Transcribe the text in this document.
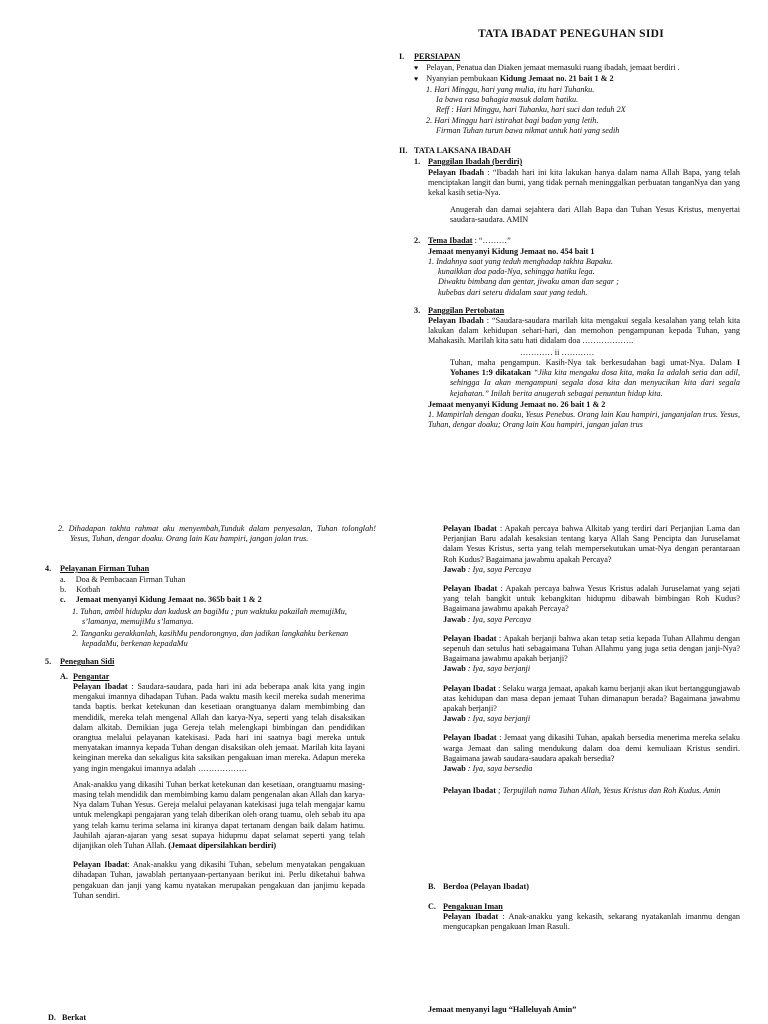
TATA IBADAT PENEGUHAN SIDI
I. PERSIAPAN
♥ Pelayan, Penatua dan Diaken jemaat memasuki ruang ibadah, jemaat berdiri .
♥ Nyanyian pembukaan Kidung Jemaat no. 21 bait 1 & 2

1. Hari Minggu, hari yang mulia, itu hari Tuhanku.

Ia bawa rasa bahagia masuk dalam hatiku.

Reff : Hari Minggu, hari Tuhanku, hari suci dan teduh 2X

2. Hari Minggu hari istirahat bagi badan yang letih.

Firman Tuhan turun bawa nikmat untuk hati yang sedih

II. TATA LAKSANA IBADAH
1. Panggilan Ibadah (berdiri)

Pelayan Ibadah : “Ibadah hari ini kita lakukan hanya dalam nama Allah Bapa, yang telah menciptakan langit dan bumi, yang tidak pernah meninggalkan perbuatan tanganNya dan yang kekal kasih setia-Nya.

Anugerah dan damai sejahtera dari Allah Bapa dan Tuhan Yesus Kristus, menyertai saudara-saudara. AMIN

2. Tema Ibadat : “………”
Jemaat menyanyi Kidung Jemaat no. 454 bait 1

1. Indahnya saat yang teduh menghadap takhta Bapaku.

kunaikkan doa pada-Nya, sehingga hatiku lega.

Diwaktu bimbang dan gentar, jiwaku aman dan segar ;

kubebas dari seteru didalam saat yang teduh.

3. Panggilan Pertobatan

Pelayan Ibadah : “Saudara-saudara marilah kita mengakui segala kesalahan yang telah kita lakukan dalam kehidupan sehari-hari, dan memohon pengampunan kepada Tuhan, yang Mahakasih. Marilah kita satu hati didalam doa ……………….

………… ii …………

Tuhan, maha pengampun. Kasih-Nya tak berkesudahan bagi umat-Nya. Dalam I Yohanes 1:9 dikatakan “Jika kita mengaku dosa kita, maka Ia adalah setia dan adil, sehingga Ia akan mengampuni segala dosa kita dan menyucikan kita dari segala kejahatan.” Inilah berita anugerah sebagai penuntun hidup kita.

Jemaat menyanyi Kidung Jemaat no. 26 bait 1 & 2
1. Mampirlah dengan doaku, Yesus Penebus. Orang lain Kau hampiri, janganjalan trus. Yesus, Tuhan, dengar doaku; Orang lain Kau hampiri, jangan jalan trus
2. Dihadapan takhta rahmat aku menyembah,Tunduk dalam penyesalan, Tuhan tolonglah! Yesus, Tuhan, dengar doaku. Orang lain Kau hampiri, jangan jalan trus.
4. Pelayanan Firman Tuhan

a. Doa & Pembacaan Firman Tuhan

b. Kotbah

c. Jemaat menyanyi Kidung Jemaat no. 365b bait 1 & 2

1. Tuhan, ambil hidupku dan kudusk an bagiMu ; pun waktuku pakailah memujiMu, s’lamanya, memujiMu s’lamanya.
2. Tanganku gerakkanlah, kasihMu pendorongnya, dan jadikan langkahku berkenan kepadaMu, berkenan kepadaMu
5. Peneguhan Sidi
A. Pengantar

Pelayan Ibadat : Saudara-saudara, pada hari ini ada beberapa anak kita yang ingin mengakui imannya dihadapan Tuhan. Pada waktu masih kecil mereka sudah menerima tanda baptis. berkat ketekunan dan kesetiaan orangtuanya dalam membimbing dan mendidik, mereka telah mengenal Allah dan karya-Nya, seperti yang telah disaksikan dalam alkitab. Demikian juga Gereja telah melengkapi bimbingan dan pendidikan orangtua melalui pelayanan katekisasi. Pada hari ini saatnya bagi mereka untuk menyatakan imannya kepada Tuhan dengan disaksikan oleh jemaat. Marilah kita layani keinginan mereka dan sekaligus kita saksikan pengakuan iman mereka. Adapun mereka yang ingin mengakui imannya adalah ………………

Anak-anakku yang dikasihi Tuhan berkat ketekunan dan kesetiaan, orangtuamu masing-masing telah mendidik dan membimbing kamu dalam pengenalan akan Allah dan karya-Nya dalam Tuhan Yesus. Gereja melalui pelayanan katekisasi juga telah mengajar kamu untuk melengkapi pengajaran yang telah diberikan oleh orang tuamu, oleh sebab itu apa yang telah kamu terima selama ini kiranya dapat tertanam dengan baik dalam hatimu. Jauhilah ajaran-ajaran yang sesat supaya hidupmu dapat selamat seperti yang telah dijanjikan oleh Tuhan Allah. (Jemaat dipersilahkan berdiri)

Pelayan Ibadat: Anak-anakku yang dikasihi Tuhan, sebelum menyatakan pengakuan dihadapan Tuhan, jawablah pertanyaan-pertanyaan berikut ini. Perlu diketahui bahwa pengakuan dan janji yang kamu nyatakan merupakan pengakuan dan janjimu kepada Tuhan sendiri.

D. Berkat

Pelayan Ibadat : Apakah percaya bahwa Alkitab yang terdiri dari Perjanjian Lama dan Perjanjian Baru adalah kesaksian tentang karya Allah Sang Pencipta dan Juruselamat dalam Yesus Kristus, serta yang telah mempersekutukan umat-Nya dengan perantaraan Roh Kudus? Bagaimana jawabmu apakah Percaya?

Jawab : Iya, saya Percaya

Pelayan Ibadat : Apakah percaya bahwa Yesus Kristus adalah Juruselamat yang sejati yang telah bangkit untuk kebangkitan hidupmu dibawah bimbingan Roh Kudus? Bagaimana jawabmu apakah Percaya?

Jawab : Iya, saya Percaya

Pelayan Ibadat : Apakah berjanji bahwa akan tetap setia kepada Tuhan Allahmu dengan sepenuh dan setulus hati sebagaimana Tuhan Allahmu yang juga setia dengan janji-Nya? Bagaimana jawabmu apakah berjanji?

Jawab : Iya, saya berjanji

Pelayan Ibadat : Selaku warga jemaat, apakah kamu berjanji akan ikut bertanggungjawab atas kehidupan dan masa depan jemaat Tuhan dimanapun berada? Bagaimana jawabmu apakah berjanji?

Jawab : Iya, saya berjanji

Pelayan Ibadat : Jemaat yang dikasihi Tuhan, apakah bersedia menerima mereka selaku warga Jemaat dan saling mendukung dalam doa demi kemuliaan Kristus sendiri. Bagaimana jawab saudara-saudara apakah bersedia?

Jawab : Iya, saya bersedia

Pelayan Ibadat ; Terpujilah nama Tuhan Allah, Yesus Kristus dan Roh Kudus. Amin

B. Berdoa (Pelayan Ibadat)
C. Pengakuan Iman

Pelayan Ibadat : Anak-anakku yang kekasih, sekarang nyatakanlah imanmu dengan mengucapkan pengakuan Iman Rasuli.

Jemaat menyanyi lagu “Halleluyah Amin”
